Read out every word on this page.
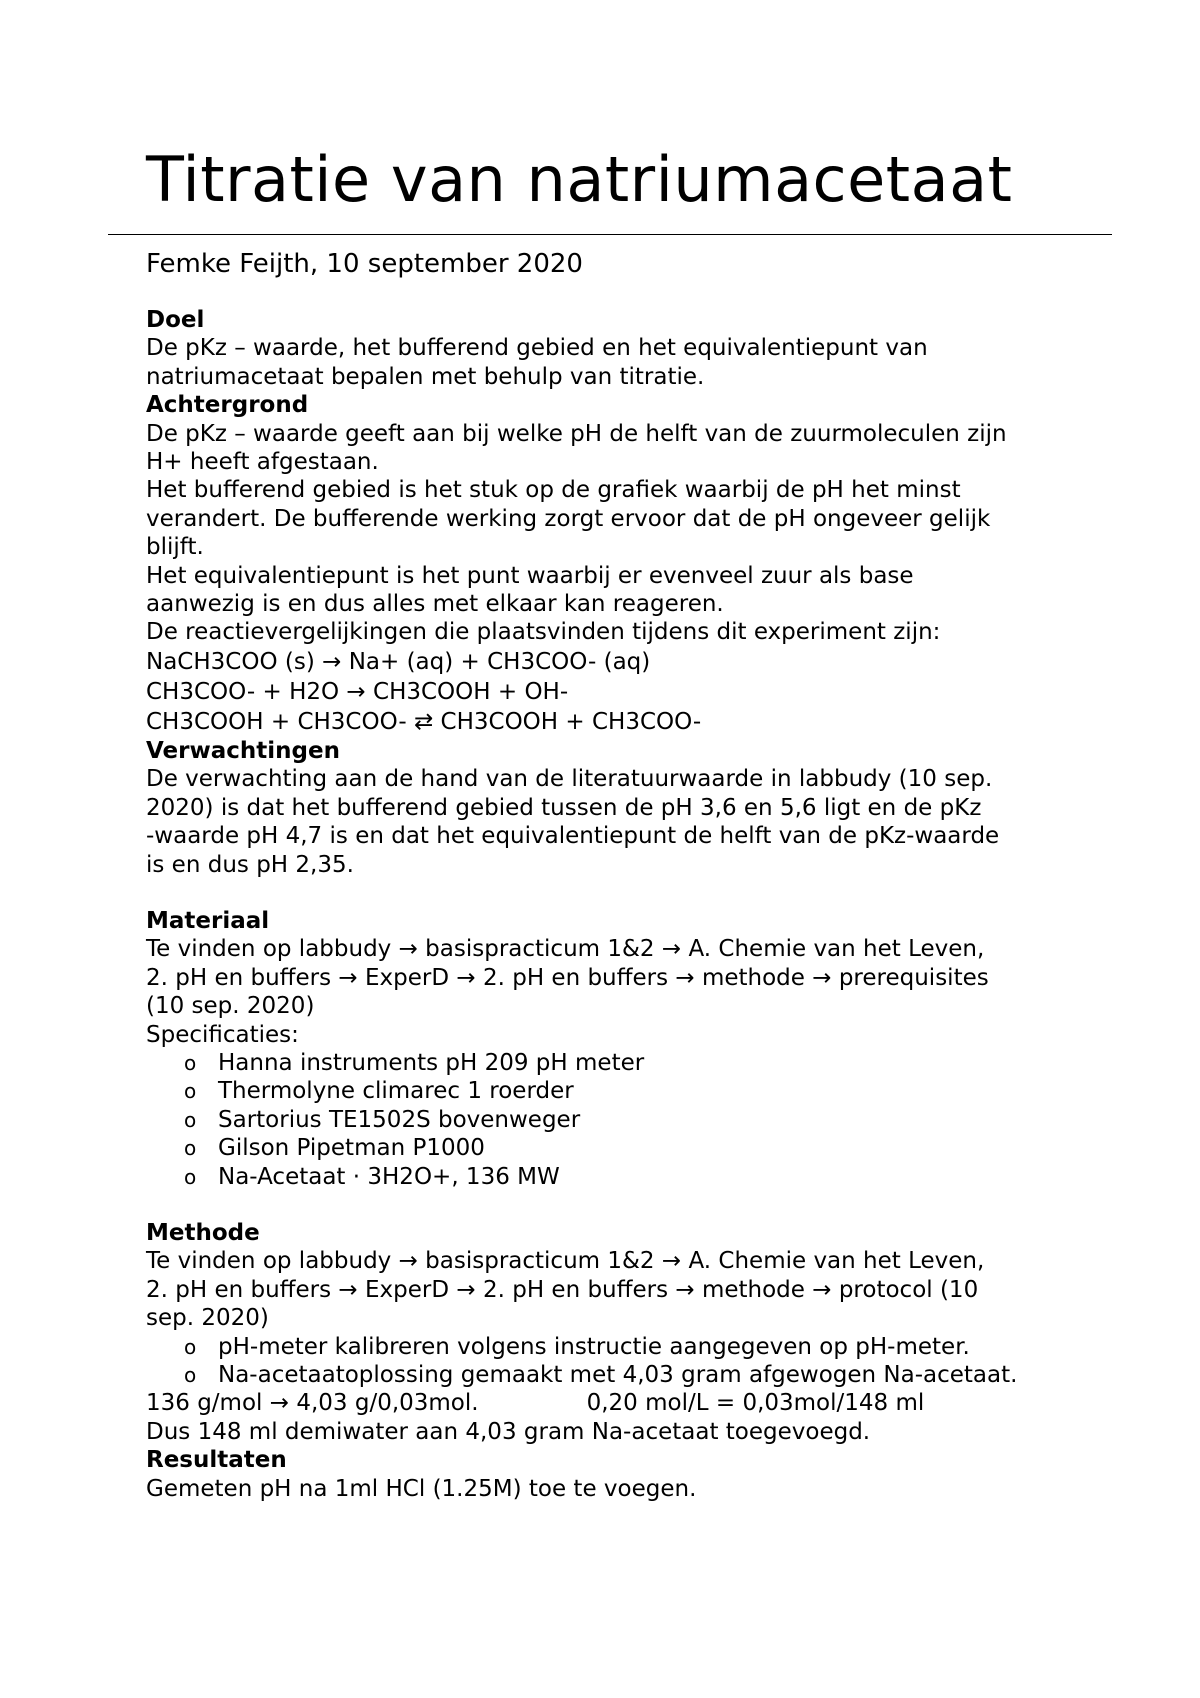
Titratie van natriumacetaat
Femke Feijth, 10 september 2020

Doel

De pKz – waarde, het bufferend gebied en het equivalentiepunt van

natriumacetaat bepalen met behulp van titratie.

Achtergrond

De pKz – waarde geeft aan bij welke pH de helft van de zuurmoleculen zijn

H+ heeft afgestaan.

Het bufferend gebied is het stuk op de grafiek waarbij de pH het minst

verandert. De bufferende werking zorgt ervoor dat de pH ongeveer gelijk

blijft.

Het equivalentiepunt is het punt waarbij er evenveel zuur als base

aanwezig is en dus alles met elkaar kan reageren.

De reactievergelijkingen die plaatsvinden tijdens dit experiment zijn:

NaCH3COO (s) → Na+ (aq) + CH3COO- (aq)

CH3COO- + H2O → CH3COOH + OH-

CH3COOH + CH3COO- ⇄ CH3COOH + CH3COO-

Verwachtingen

De verwachting aan de hand van de literatuurwaarde in labbudy (10 sep.

2020) is dat het bufferend gebied tussen de pH 3,6 en 5,6 ligt en de pKz

-waarde pH 4,7 is en dat het equivalentiepunt de helft van de pKz-waarde

is en dus pH 2,35.

Materiaal

Te vinden op labbudy → basispracticum 1&2 → A. Chemie van het Leven,

2. pH en buffers → ExperD → 2. pH en buffers → methode → prerequisites

(10 sep. 2020)

Specificaties:

o Hanna instruments pH 209 pH meter
o Thermolyne climarec 1 roerder
o Sartorius TE1502S bovenweger
o Gilson Pipetman P1000
o Na-Acetaat · 3H2O+, 136 MW

Methode

Te vinden op labbudy → basispracticum 1&2 → A. Chemie van het Leven,

2. pH en buffers → ExperD → 2. pH en buffers → methode → protocol (10

sep. 2020)

o pH-meter kalibreren volgens instructie aangegeven op pH-meter.
o Na-acetaatoplossing gemaakt met 4,03 gram afgewogen Na-acetaat.

136 g/mol → 4,03 g/0,03mol.	0,20 mol/L = 0,03mol/148 ml

Dus 148 ml demiwater aan 4,03 gram Na-acetaat toegevoegd.

Resultaten

Gemeten pH na 1ml HCl (1.25M) toe te voegen.
